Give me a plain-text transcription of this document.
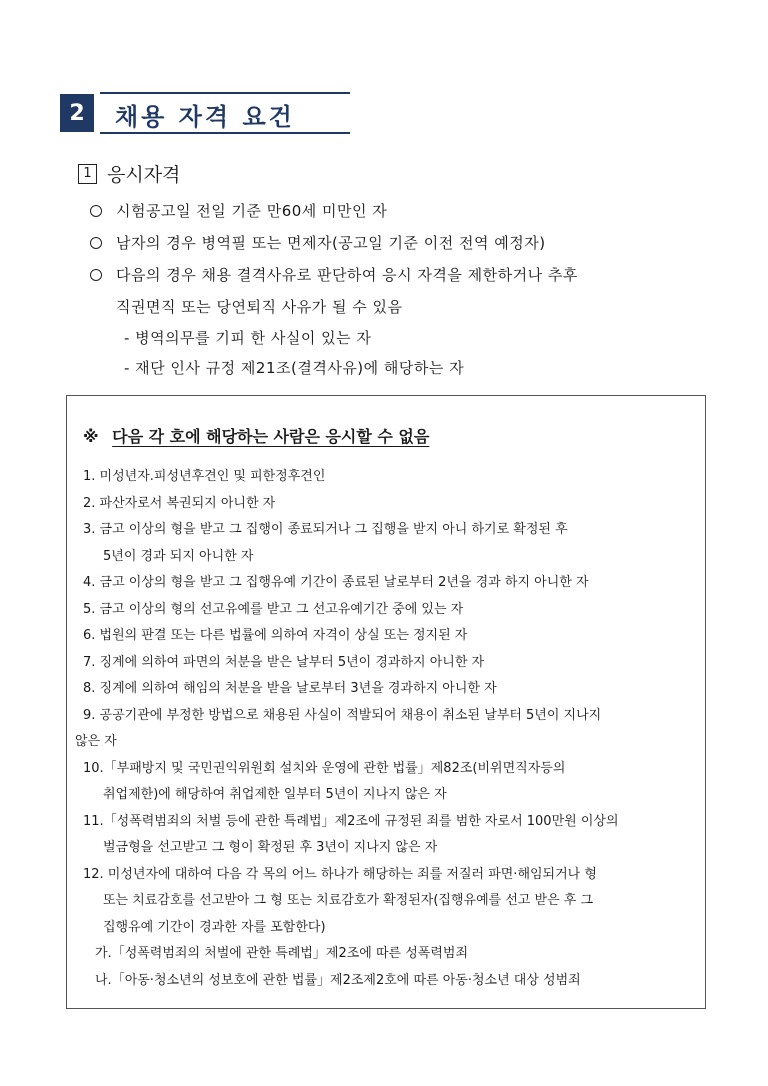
2	채용 자격 요건
1 응시자격
시험공고일 전일 기준 만60세 미만인 자
남자의 경우 병역필 또는 면제자(공고일 기준 이전 전역 예정자)
다음의 경우 채용 결격사유로 판단하여 응시 자격을 제한하거나 추후
직권면직 또는 당연퇴직 사유가 될 수 있음
- 병역의무를 기피 한 사실이 있는 자
- 재단 인사 규정 제21조(결격사유)에 해당하는 자
※ 다음 각 호에 해당하는 사람은 응시할 수 없음
1. 미성년자.피성년후견인 및 피한정후견인
2. 파산자로서 복권되지 아니한 자
3. 금고 이상의 형을 받고 그 집행이 종료되거나 그 집행을 받지 아니 하기로 확정된 후
5년이 경과 되지 아니한 자
4. 금고 이상의 형을 받고 그 집행유예 기간이 종료된 날로부터 2년을 경과 하지 아니한 자
5. 금고 이상의 형의 선고유예를 받고 그 선고유예기간 중에 있는 자
6. 법원의 판결 또는 다른 법률에 의하여 자격이 상실 또는 정지된 자
7. 징계에 의하여 파면의 처분을 받은 날부터 5년이 경과하지 아니한 자
8. 징계에 의하여 해임의 처분을 받을 날로부터 3년을 경과하지 아니한 자
9. 공공기관에 부정한 방법으로 채용된 사실이 적발되어 채용이 취소된 날부터 5년이 지나지
않은 자
10.「부패방지 및 국민권익위원회 설치와 운영에 관한 법률」제82조(비위면직자등의
취업제한)에 해당하여 취업제한 일부터 5년이 지나지 않은 자
11.「성폭력범죄의 처벌 등에 관한 특례법」제2조에 규정된 죄를 범한 자로서 100만원 이상의
벌금형을 선고받고 그 형이 확정된 후 3년이 지나지 않은 자
12. 미성년자에 대하여 다음 각 목의 어느 하나가 해당하는 죄를 저질러 파면·해임되거나 형
또는 치료감호를 선고받아 그 형 또는 치료감호가 확정된자(집행유예를 선고 받은 후 그
집행유예 기간이 경과한 자를 포함한다)
가.「성폭력범죄의 처벌에 관한 특례법」제2조에 따른 성폭력범죄
나.「아동·청소년의 성보호에 관한 법률」제2조제2호에 따른 아동·청소년 대상 성범죄
